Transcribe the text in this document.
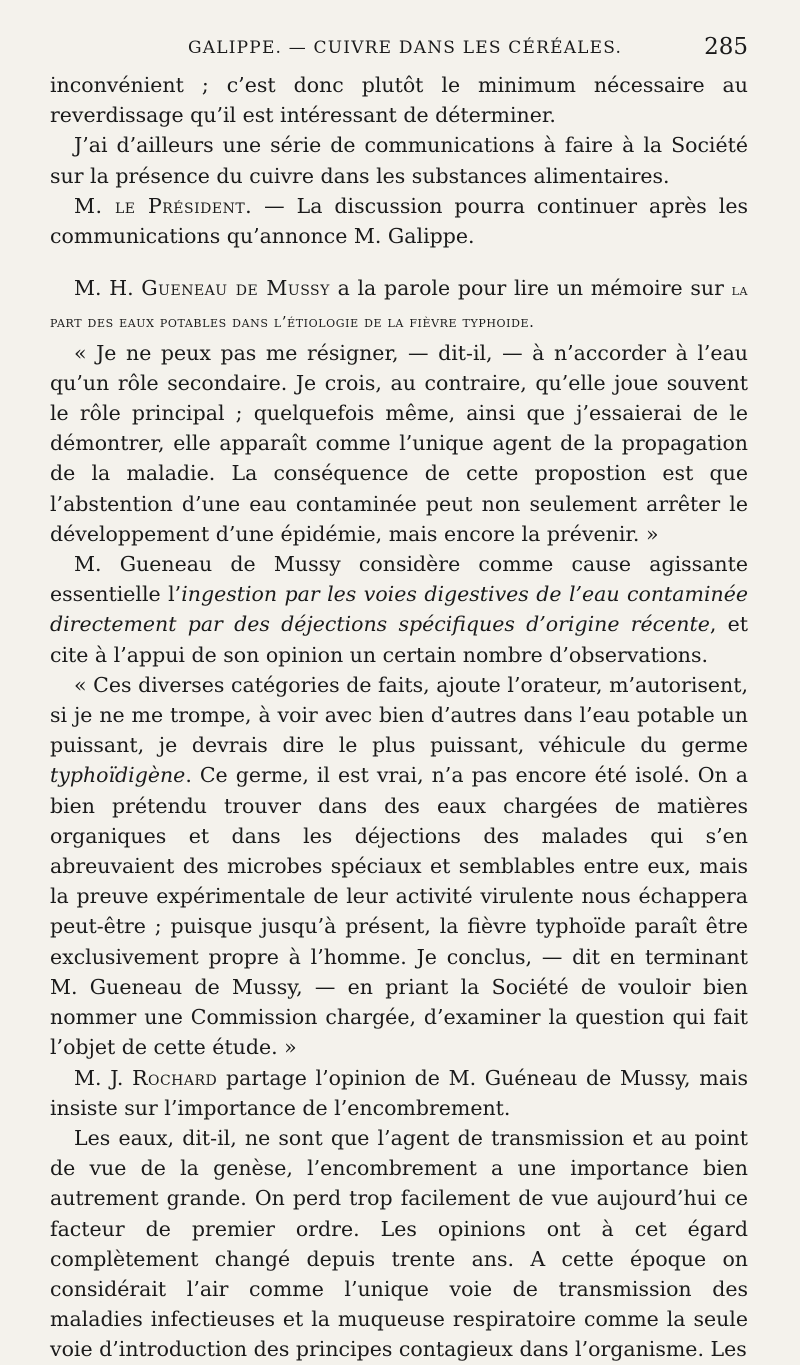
GALIPPE. — CUIVRE DANS LES CÉRÉALES.	285

inconvénient ; c’est donc plutôt le minimum nécessaire au reverdissage qu’il est intéressant de déterminer.

J’ai d’ailleurs une série de communications à faire à la Société sur la présence du cuivre dans les substances alimentaires.

M. le Président. — La discussion pourra continuer après les communications qu’annonce M. Galippe.

M. H. Gueneau de Mussy a la parole pour lire un mémoire sur la part des eaux potables dans l’étiologie de la fièvre typhoide.

« Je ne peux pas me résigner, — dit-il, — à n’accorder à l’eau qu’un rôle secondaire. Je crois, au contraire, qu’elle joue souvent le rôle principal ; quelquefois même, ainsi que j’essaierai de le démontrer, elle apparaît comme l’unique agent de la propagation de la maladie. La conséquence de cette propostion est que l’abstention d’une eau contaminée peut non seulement arrêter le développement d’une épidémie, mais encore la prévenir. »

M. Gueneau de Mussy considère comme cause agissante essentielle l’ingestion par les voies digestives de l’eau contaminée directement par des déjections spécifiques d’origine récente, et cite à l’appui de son opinion un certain nombre d’observations.

« Ces diverses catégories de faits, ajoute l’orateur, m’autorisent, si je ne me trompe, à voir avec bien d’autres dans l’eau potable un puissant, je devrais dire le plus puissant, véhicule du germe typhoïdigène. Ce germe, il est vrai, n’a pas encore été isolé. On a bien prétendu trouver dans des eaux chargées de matières organiques et dans les déjections des malades qui s’en abreuvaient des microbes spéciaux et semblables entre eux, mais la preuve expérimentale de leur activité virulente nous échappera peut-être ; puisque jusqu’à présent, la fièvre typhoïde paraît être exclusivement propre à l’homme. Je conclus, — dit en terminant M. Gueneau de Mussy, — en priant la Société de vouloir bien nommer une Commission chargée, d’examiner la question qui fait l’objet de cette étude. »

M. J. Rochard partage l’opinion de M. Guéneau de Mussy, mais insiste sur l’importance de l’encombrement.

Les eaux, dit-il, ne sont que l’agent de transmission et au point de vue de la genèse, l’encombrement a une importance bien autrement grande. On perd trop facilement de vue aujourd’hui ce facteur de premier ordre. Les opinions ont à cet égard complètement changé depuis trente ans. A cette époque on considérait l’air comme l’unique voie de transmission des maladies infectieuses et la muqueuse respiratoire comme la seule voie d’introduction des principes contagieux dans l’organisme. Les
